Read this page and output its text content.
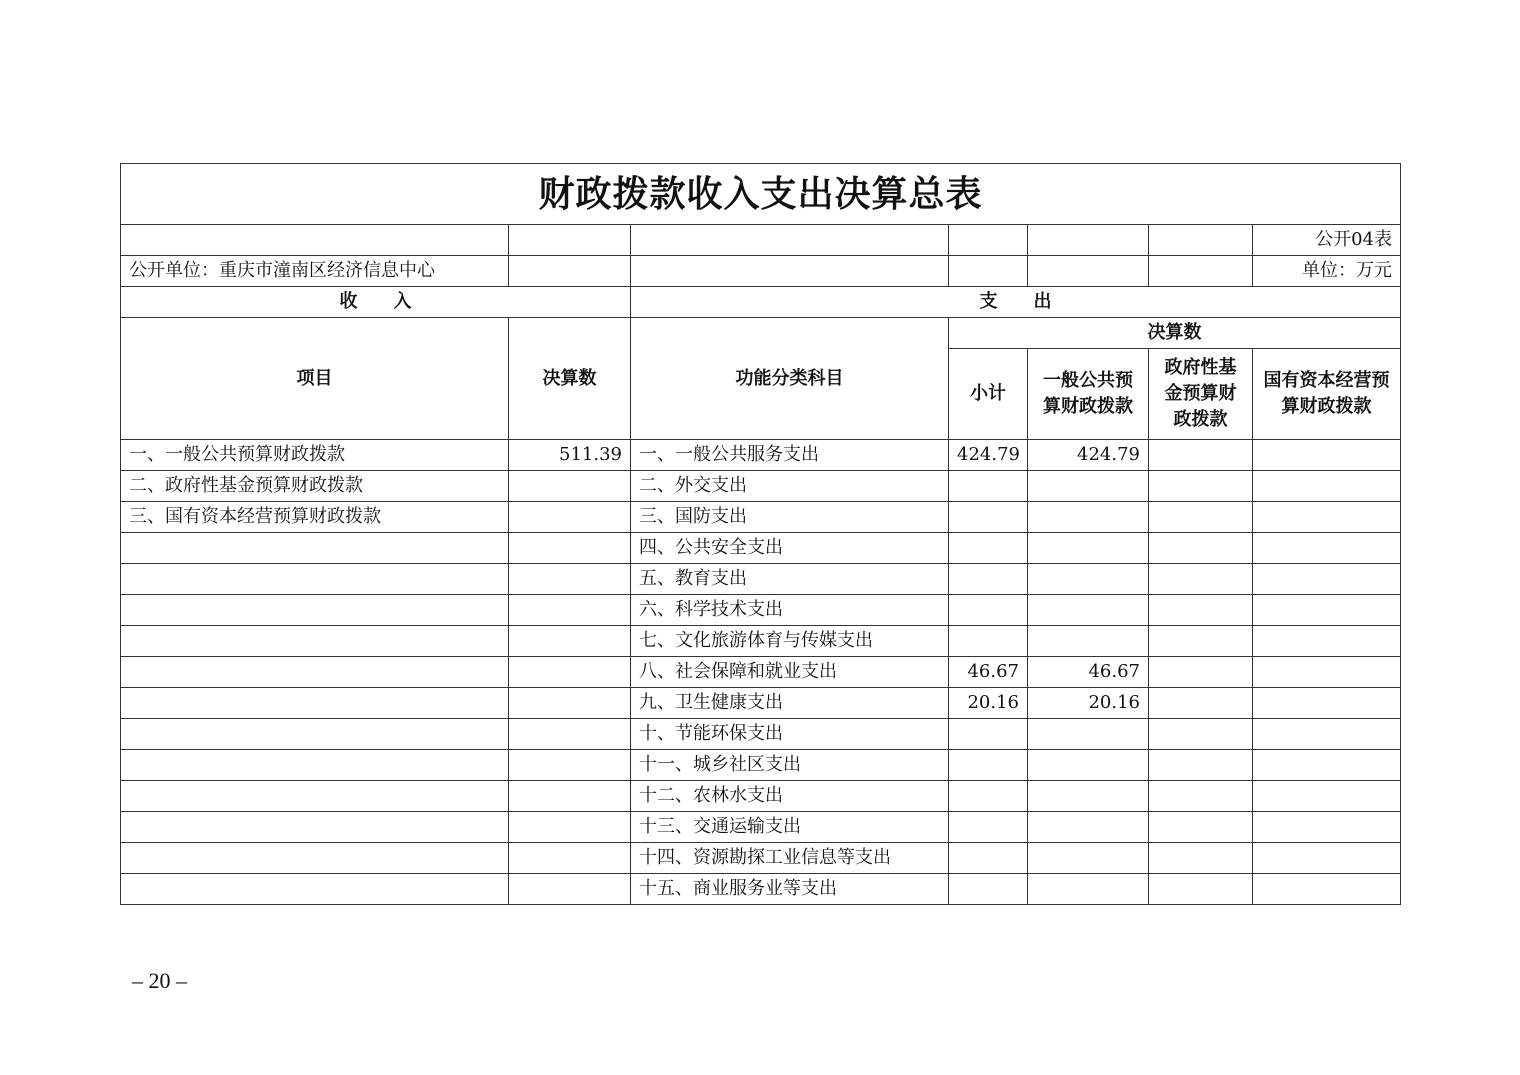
财政拨款收入支出决算总表						
						公开04表
公开单位：重庆市潼南区经济信息中心						单位：万元
收　　入		支　　出				
项目	决算数	功能分类科目	决算数			
			小计	一般公共预算财政拨款	政府性基金预算财政拨款	国有资本经营预算财政拨款
一、一般公共预算财政拨款	511.39	一、一般公共服务支出	424.79	424.79		
二、政府性基金预算财政拨款		二、外交支出				
三、国有资本经营预算财政拨款		三、国防支出				
		四、公共安全支出				
		五、教育支出				
		六、科学技术支出				
		七、文化旅游体育与传媒支出				
		八、社会保障和就业支出	46.67	46.67		
		九、卫生健康支出	20.16	20.16		
		十、节能环保支出				
		十一、城乡社区支出				
		十二、农林水支出				
		十三、交通运输支出				
		十四、资源勘探工业信息等支出				
		十五、商业服务业等支出				
– 20 –
